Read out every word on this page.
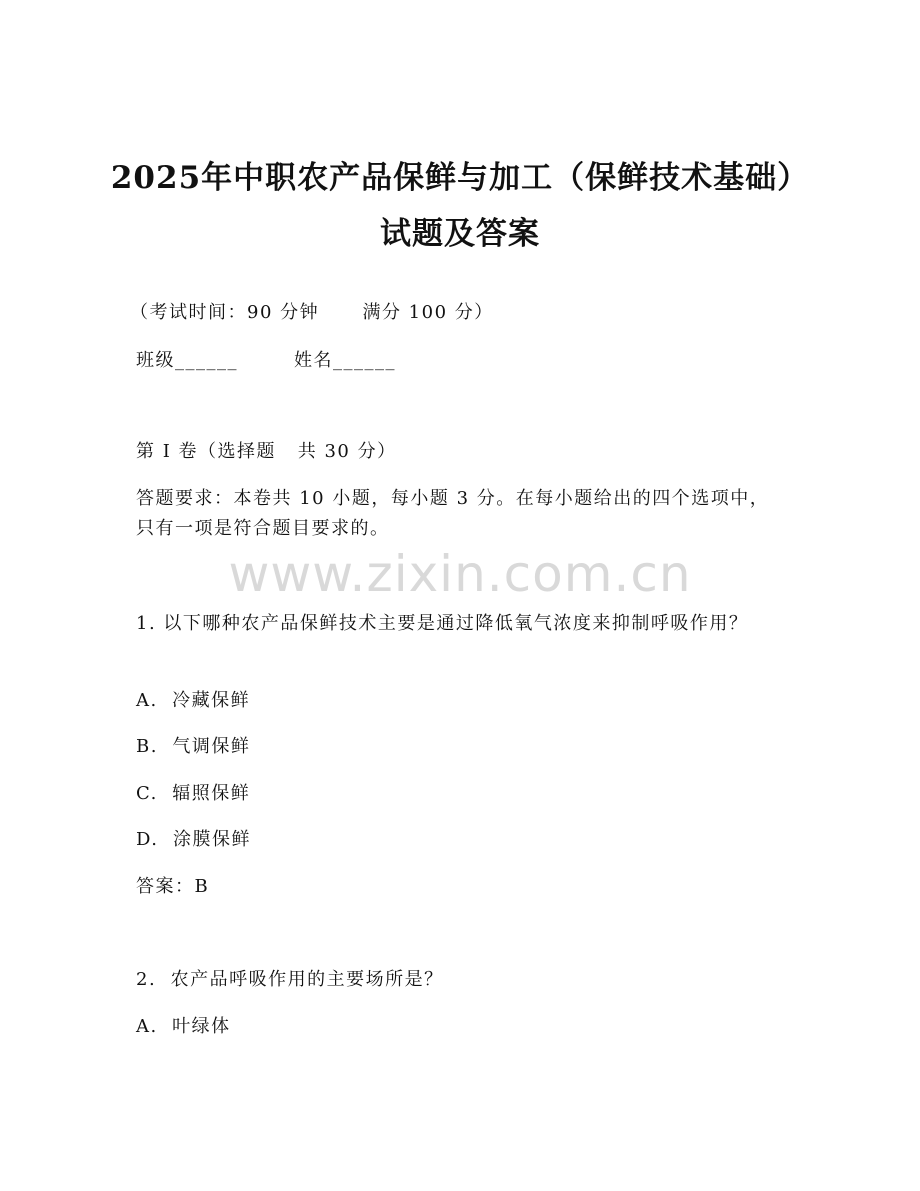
2025年中职农产品保鲜与加工（保鲜技术基础）试题及答案
（考试时间：90 分钟      满分 100 分）
班级______	姓名______
第 I 卷（选择题   共 30 分）
答题要求：本卷共 10 小题，每小题 3 分。在每小题给出的四个选项中，只有一项是符合题目要求的。
www.zixin.com.cn
1. 以下哪种农产品保鲜技术主要是通过降低氧气浓度来抑制呼吸作用？
A.  冷藏保鲜
B.  气调保鲜
C.  辐照保鲜
D.  涂膜保鲜
答案：B
2.  农产品呼吸作用的主要场所是？
A.  叶绿体
